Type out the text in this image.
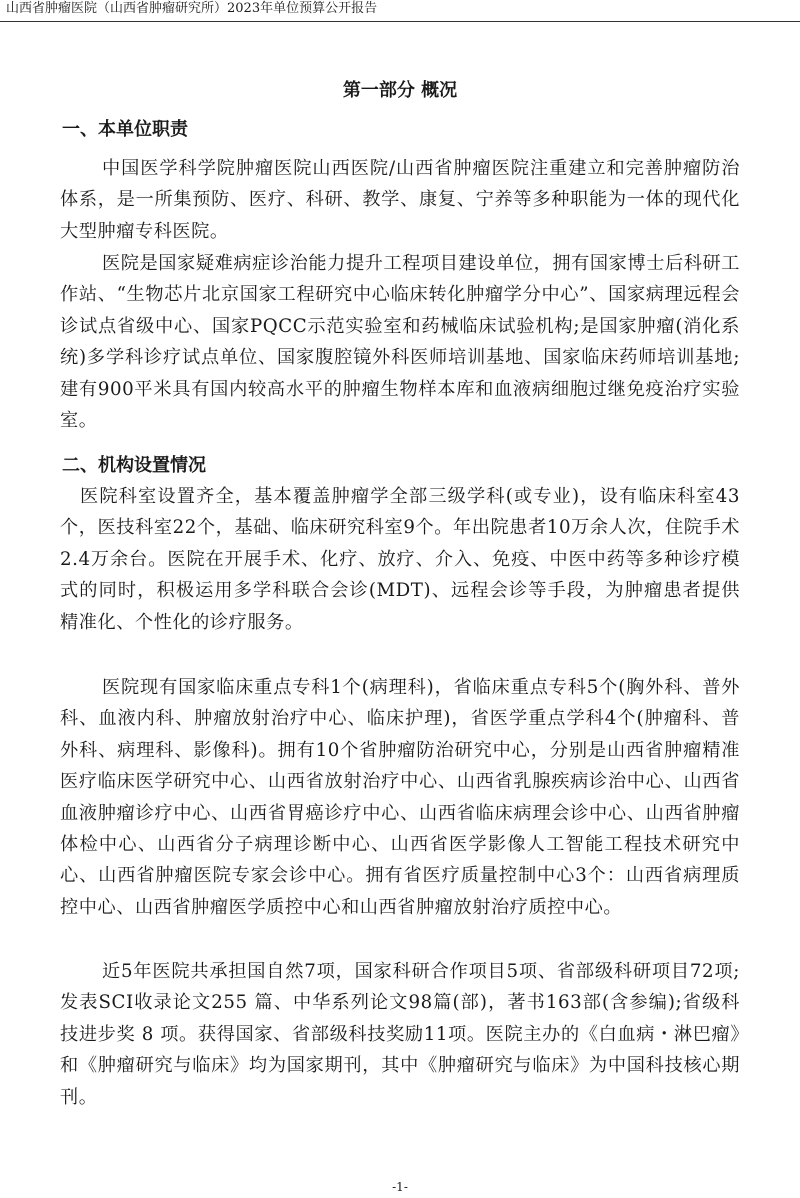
山西省肿瘤医院（山西省肿瘤研究所）2023年单位预算公开报告
第一部分 概况
一、本单位职责

中国医学科学院肿瘤医院山西医院/山西省肿瘤医院注重建立和完善肿瘤防治体系，是一所集预防、医疗、科研、教学、康复、宁养等多种职能为一体的现代化大型肿瘤专科医院。

医院是国家疑难病症诊治能力提升工程项目建设单位，拥有国家博士后科研工作站、“生物芯片北京国家工程研究中心临床转化肿瘤学分中心”、国家病理远程会诊试点省级中心、国家PQCC示范实验室和药械临床试验机构;是国家肿瘤(消化系统)多学科诊疗试点单位、国家腹腔镜外科医师培训基地、国家临床药师培训基地;建有900平米具有国内较高水平的肿瘤生物样本库和血液病细胞过继免疫治疗实验室。

二、机构设置情况

医院科室设置齐全，基本覆盖肿瘤学全部三级学科(或专业)，设有临床科室43个，医技科室22个，基础、临床研究科室9个。年出院患者10万余人次，住院手术2.4万余台。医院在开展手术、化疗、放疗、介入、免疫、中医中药等多种诊疗模式的同时，积极运用多学科联合会诊(MDT)、远程会诊等手段，为肿瘤患者提供精准化、个性化的诊疗服务。

医院现有国家临床重点专科1个(病理科)，省临床重点专科5个(胸外科、普外科、血液内科、肿瘤放射治疗中心、临床护理)，省医学重点学科4个(肿瘤科、普外科、病理科、影像科)。拥有10个省肿瘤防治研究中心，分别是山西省肿瘤精准医疗临床医学研究中心、山西省放射治疗中心、山西省乳腺疾病诊治中心、山西省血液肿瘤诊疗中心、山西省胃癌诊疗中心、山西省临床病理会诊中心、山西省肿瘤体检中心、山西省分子病理诊断中心、山西省医学影像人工智能工程技术研究中心、山西省肿瘤医院专家会诊中心。拥有省医疗质量控制中心3个：山西省病理质控中心、山西省肿瘤医学质控中心和山西省肿瘤放射治疗质控中心。

近5年医院共承担国自然7项，国家科研合作项目5项、省部级科研项目72项;发表SCI收录论文255 篇、中华系列论文98篇(部)，著书163部(含参编);省级科技进步奖 8 项。获得国家、省部级科技奖励11项。医院主办的《白血病・淋巴瘤》和《肿瘤研究与临床》均为国家期刊，其中《肿瘤研究与临床》为中国科技核心期刊。

-1-
